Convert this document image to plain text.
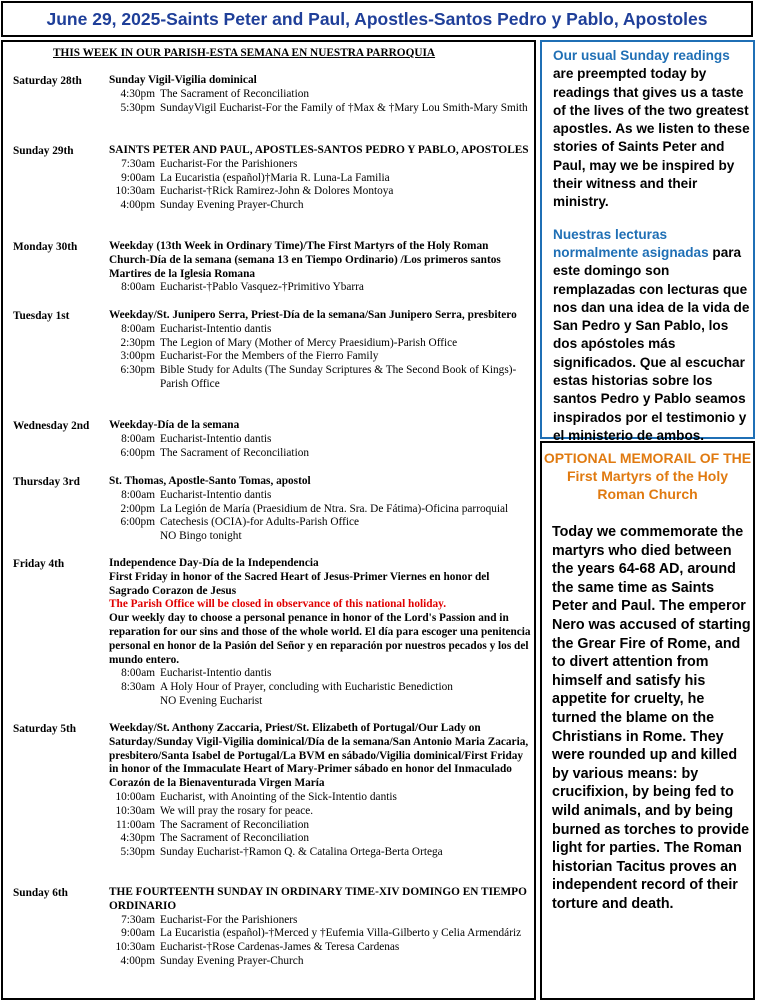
June 29, 2025-Saints Peter and Paul, Apostles-Santos Pedro y Pablo, Apostoles
THIS WEEK IN OUR PARISH-ESTA SEMANA EN NUESTRA PARROQUIA
Saturday 28th Sunday Vigil-Vigilia dominical
4:30pm The Sacrament of Reconciliation
5:30pm SundayVigil Eucharist-For the Family of †Max & †Mary Lou Smith-Mary Smith
Sunday 29th	SAINTS PETER AND PAUL, APOSTLES-SANTOS PEDRO Y PABLO, APOSTOLES
7:30am Eucharist-For the Parishioners
9:00am La Eucaristia (español)†Maria R. Luna-La Familia
10:30am Eucharist-†Rick Ramirez-John & Dolores Montoya
4:00pm Sunday Evening Prayer-Church
Monday 30th	Weekday (13th Week in Ordinary Time)/The First Martyrs of the Holy Roman Church-Día de la semana (semana 13 en Tiempo Ordinario) /Los primeros santos Martires de la Iglesia Romana
8:00am Eucharist-†Pablo Vasquez-†Primitivo Ybarra
Tuesday 1st	Weekday/St. Junipero Serra, Priest-Día de la semana/San Junipero Serra, presbitero
8:00am Eucharist-Intentio dantis
2:30pm The Legion of Mary (Mother of Mercy Praesidium)-Parish Office
3:00pm Eucharist-For the Members of the Fierro Family
6:30pm Bible Study for Adults (The Sunday Scriptures & The Second Book of Kings)-Parish Office
Wednesday 2nd Weekday-Día de la semana
8:00am Eucharist-Intentio dantis
6:00pm The Sacrament of Reconciliation
Thursday 3rd	St. Thomas, Apostle-Santo Tomas, apostol
8:00am Eucharist-Intentio dantis
2:00pm La Legión de María (Praesidium de Ntra. Sra. De Fátima)-Oficina parroquial
6:00pm Catechesis (OCIA)-for Adults-Parish Office
NO Bingo tonight
Friday 4th	Independence Day-Día de la Independencia
First Friday in honor of the Sacred Heart of Jesus-Primer Viernes en honor del Sagrado Corazon de Jesus
The Parish Office will be closed in observance of this national holiday.
Our weekly day to choose a personal penance in honor of the Lord's Passion and in reparation for our sins and those of the whole world. El día para escoger una penitencia personal en honor de la Pasión del Señor y en reparación por nuestros pecados y los del mundo entero.
8:00am Eucharist-Intentio dantis
8:30am A Holy Hour of Prayer, concluding with Eucharistic Benediction
NO Evening Eucharist
Saturday 5th	Weekday/St. Anthony Zaccaria, Priest/St. Elizabeth of Portugal/Our Lady on Saturday/Sunday Vigil-Vigilia dominical/Día de la semana/San Antonio Maria Zacaria, presbitero/Santa Isabel de Portugal/La BVM en sábado/Vigilia dominical/First Friday in honor of the Immaculate Heart of Mary-Primer sábado en honor del Inmaculado Corazón de la Bienaventurada Virgen María
10:00am Eucharist, with Anointing of the Sick-Intentio dantis
10:30am We will pray the rosary for peace.
11:00am The Sacrament of Reconciliation
4:30pm The Sacrament of Reconciliation
5:30pm Sunday Eucharist-†Ramon Q. & Catalina Ortega-Berta Ortega
Sunday 6th	THE FOURTEENTH SUNDAY IN ORDINARY TIME-XIV DOMINGO EN TIEMPO ORDINARIO
7:30am Eucharist-For the Parishioners
9:00am La Eucaristia (español)-†Merced y †Eufemia Villa-Gilberto y Celia Armendáriz
10:30am Eucharist-†Rose Cardenas-James & Teresa Cardenas
4:00pm Sunday Evening Prayer-Church
Our usual Sunday readings are preempted today by readings that gives us a taste of the lives of the two greatest apostles. As we listen to these stories of Saints Peter and Paul, may we be inspired by their witness and their ministry.
Nuestras lecturas normalmente asignadas para este domingo son remplazadas con lecturas que nos dan una idea de la vida de San Pedro y San Pablo, los dos apóstoles más significados. Que al escuchar estas historias sobre los santos Pedro y Pablo seamos inspirados por el testimonio y el ministerio de ambos.
OPTIONAL MEMORAIL OF THE First Martyrs of the Holy Roman Church
Today we commemorate the martyrs who died between the years 64-68 AD, around the same time as Saints Peter and Paul. The emperor Nero was accused of starting the Grear Fire of Rome, and to divert attention from himself and satisfy his appetite for cruelty, he turned the blame on the Christians in Rome. They were rounded up and killed by various means: by crucifixion, by being fed to wild animals, and by being burned as torches to provide light for parties. The Roman historian Tacitus proves an independent record of their torture and death.
